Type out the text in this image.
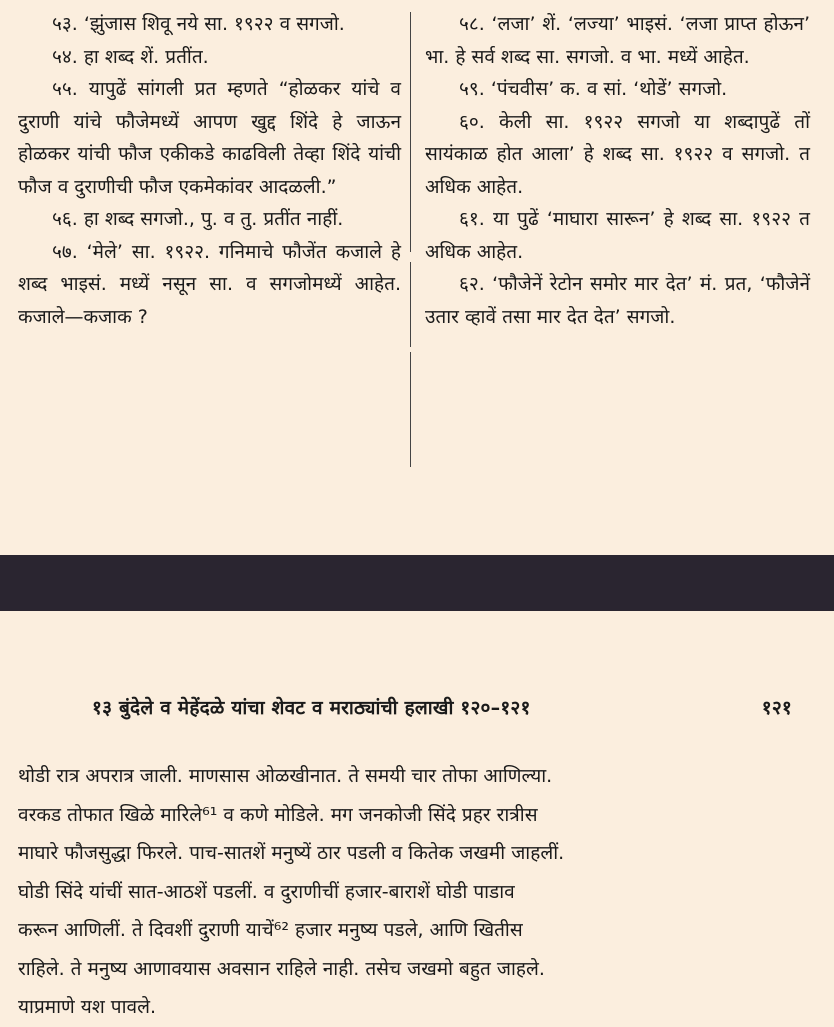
५३. ‘झुंजास शिवू नये सा. १९२२ व सगजो.

५४. हा शब्द शें. प्रतींत.

५५. यापुढें सांगली प्रत म्हणते “होळकर यांचे व दुराणी यांचे फौजेमध्यें आपण खुद्द शिंदे हे जाऊन होळकर यांची फौज एकीकडे काढविली तेव्हा शिंदे यांची फौज व दुराणीची फौज एकमेकांवर आदळली.”

५६. हा शब्द सगजो., पु. व तु. प्रतींत नाहीं.

५७. ‘मेले’ सा. १९२२. गनिमाचे फौजेंत कजाले हे शब्द भाइसं. मध्यें नसून सा. व सगजोमध्यें आहेत. कजाले—कजाक ?

५८. ‘लजा’ शें. ‘लज्या’ भाइसं. ‘लजा प्राप्त होऊन’ भा. हे सर्व शब्द सा. सगजो. व भा. मध्यें आहेत.

५९. ‘पंचवीस’ क. व सां. ‘थोडें’ सगजो.

६०. केली सा. १९२२ सगजो या शब्दापुढें तों सायंकाळ होत आला’ हे शब्द सा. १९२२ व सगजो. त अधिक आहेत.

६१. या पुढें ‘माघारा सारून’ हे शब्द सा. १९२२ त अधिक आहेत.

६२. ‘फौजेनें रेटोन समोर मार देत’ मं. प्रत, ‘फौजेनें उतार व्हावें तसा मार देत देत’ सगजो.

१३ बुंदेले व मेहेंदळे यांचा शेवट व मराठ्यांची हलाखी १२०–१२१	१२१
थोडी रात्र अपरात्र जाली. माणसास ओळखीनात. ते समयी चार तोफा आणिल्या.
वरकड तोफात खिळे मारिले⁶¹ व कणे मोडिले. मग जनकोजी सिंदे प्रहर रात्रीस
माघारे फौजसुद्धा फिरले. पाच-सातशें मनुष्यें ठार पडली व कितेक जखमी जाहलीं.
घोडी सिंदे यांचीं सात-आठशें पडलीं. व दुराणीचीं हजार-बाराशें घोडी पाडाव
करून आणिलीं. ते दिवशीं दुराणी याचें⁶² हजार मनुष्य पडले, आणि खितीस
राहिले. ते मनुष्य आणावयास अवसान राहिले नाही. तसेच जखमो बहुत जाहले.
याप्रमाणे यश पावले.
